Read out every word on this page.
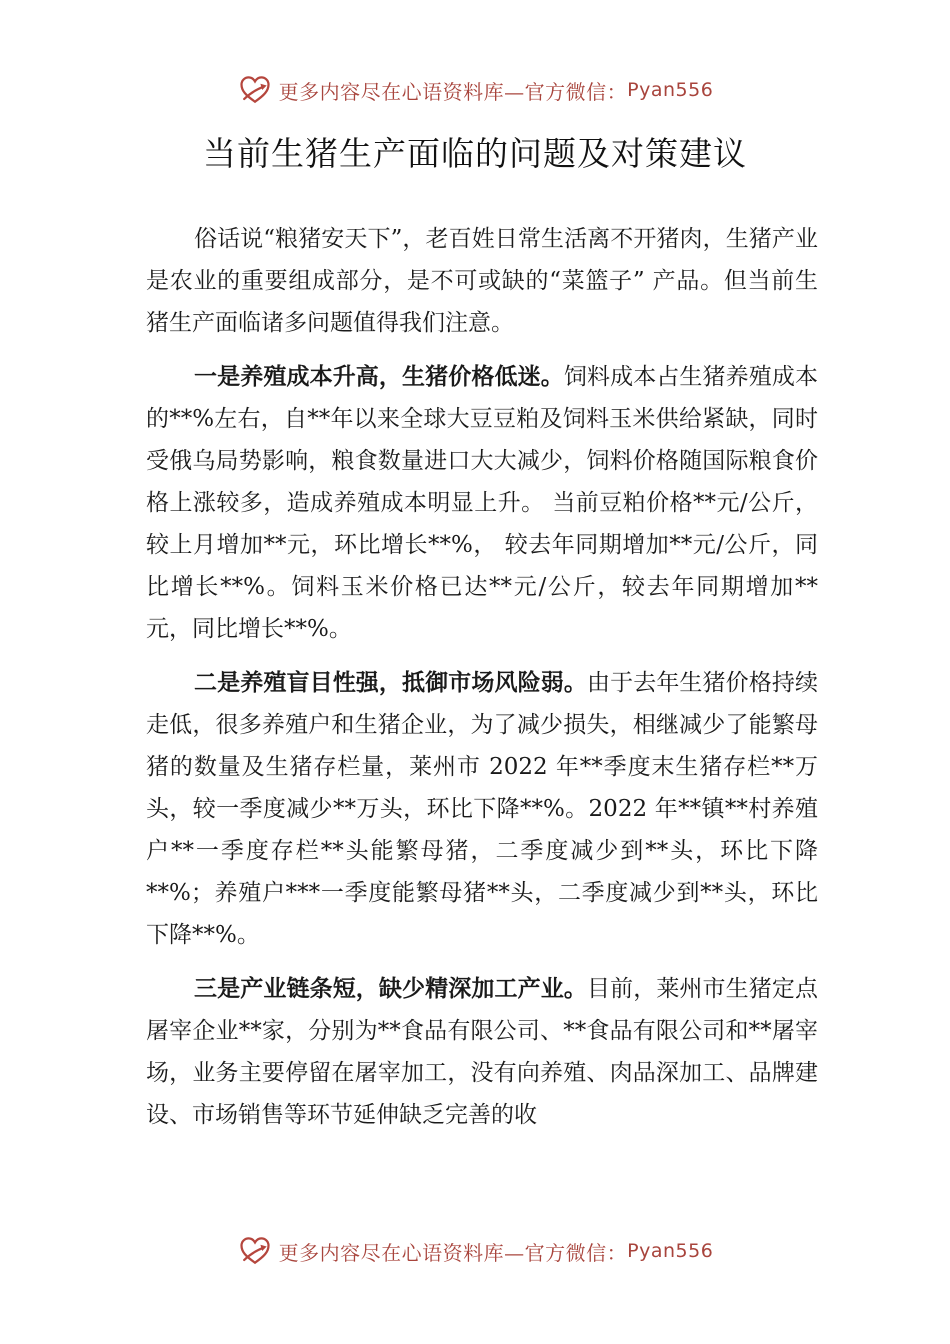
更多内容尽在心语资料库—官方微信： Pyan556
当前生猪生产面临的问题及对策建议

俗话说“粮猪安天下”，老百姓日常生活离不开猪肉，生猪产业是农业的重要组成部分，是不可或缺的“菜篮子” 产品。但当前生猪生产面临诸多问题值得我们注意。

一是养殖成本升高，生猪价格低迷。饲料成本占生猪养殖成本的**%左右，自**年以来全球大豆豆粕及饲料玉米供给紧缺，同时受俄乌局势影响，粮食数量进口大大减少，饲料价格随国际粮食价格上涨较多，造成养殖成本明显上升。 当前豆粕价格**元/公斤，较上月增加**元，环比增长**%， 较去年同期增加**元/公斤，同比增长**%。饲料玉米价格已达**元/公斤，较去年同期增加**元，同比增长**%。

二是养殖盲目性强，抵御市场风险弱。由于去年生猪价格持续走低，很多养殖户和生猪企业，为了减少损失，相继减少了能繁母猪的数量及生猪存栏量，莱州市 2022 年**季度末生猪存栏**万头，较一季度减少**万头，环比下降**%。2022 年**镇**村养殖户**一季度存栏**头能繁母猪，二季度减少到**头，环比下降**%；养殖户***一季度能繁母猪**头，二季度减少到**头，环比下降**%。

三是产业链条短，缺少精深加工产业。目前，莱州市生猪定点屠宰企业**家，分别为**食品有限公司、**食品有限公司和**屠宰场，业务主要停留在屠宰加工，没有向养殖、肉品深加工、品牌建设、市场销售等环节延伸缺乏完善的收

更多内容尽在心语资料库—官方微信： Pyan556
